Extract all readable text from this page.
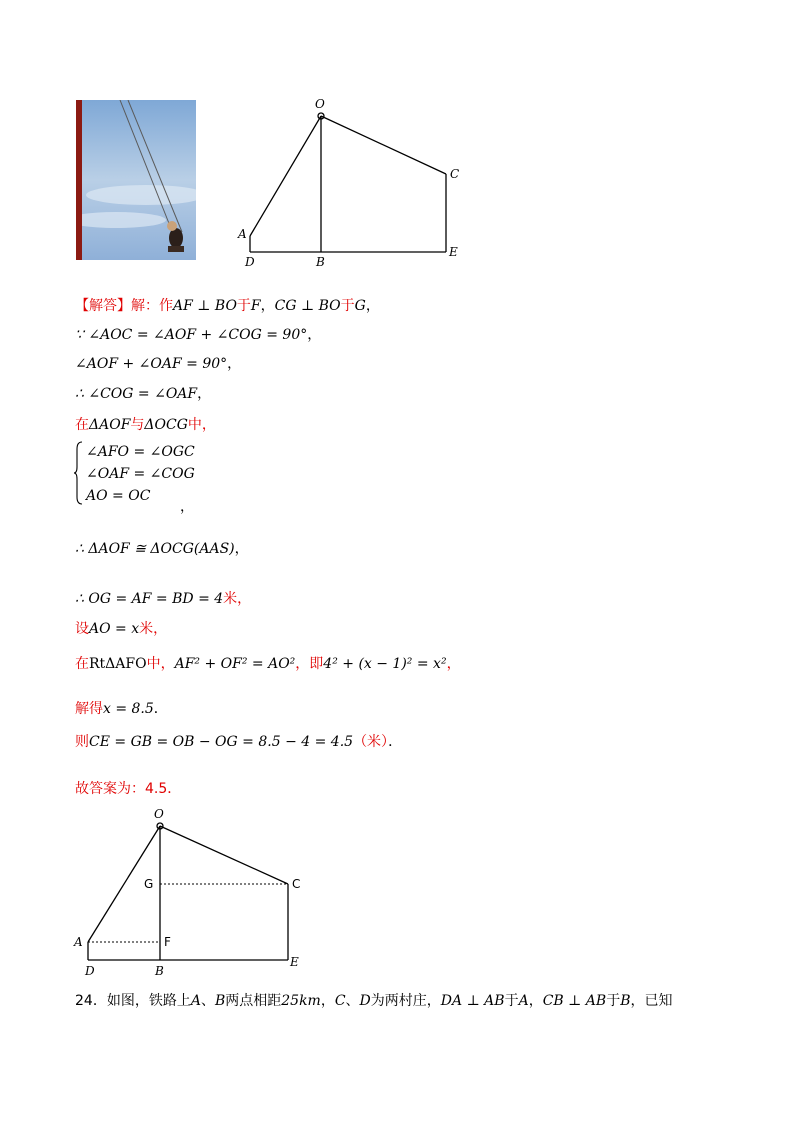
O
C
A
D	B
E
【解答】解：作AF ⊥ BO于F，CG ⊥ BO于G，
∵ ∠AOC = ∠AOF + ∠COG = 90°，
∠AOF + ∠OAF = 90°，
∴ ∠COG = ∠OAF，
在ΔAOF与ΔOCG中，
∠AFO = ∠OGC
∠OAF = ∠COG
AO = OC
，
∴ ΔAOF ≅ ΔOCG(AAS)，
∴ OG = AF = BD = 4米，
设AO = x米，
在RtΔAFO中，AF² + OF² = AO²，即4² + (x − 1)² = x²，
解得x = 8.5．
则CE = GB = OB − OG = 8.5 − 4 = 4.5（米）．
故答案为：4.5．
O
G	C
A	F
D	B
E
24．如图，铁路上A、B两点相距25km，C、D为两村庄，DA ⊥ AB于A，CB ⊥ AB于B，已知
